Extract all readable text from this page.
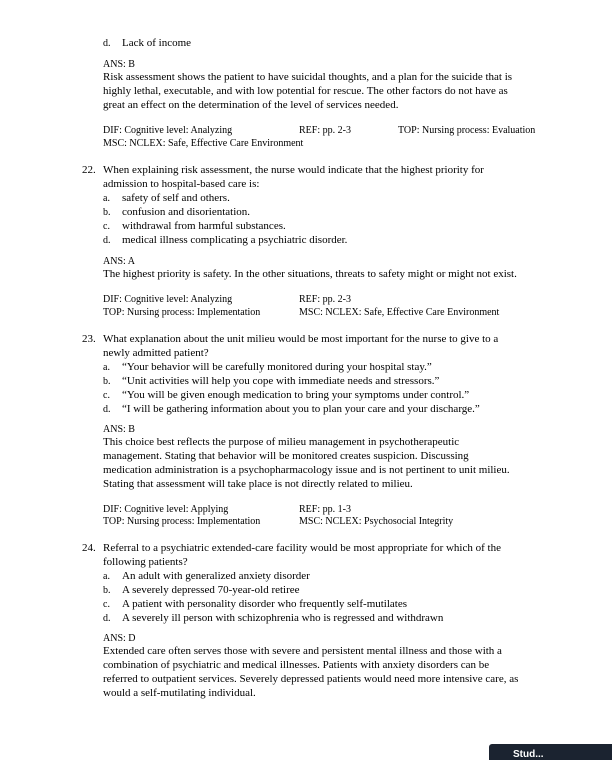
d. Lack of income
ANS: B
Risk assessment shows the patient to have suicidal thoughts, and a plan for the suicide that is
highly lethal, executable, and with low potential for rescue. The other factors do not have as
great an effect on the determination of the level of services needed.
DIF: Cognitive level: Analyzing	REF: pp. 2-3	TOP: Nursing process: Evaluation
MSC: NCLEX: Safe, Effective Care Environment
22. When explaining risk assessment, the nurse would indicate that the highest priority for
admission to hospital-based care is:
a. safety of self and others.
b. confusion and disorientation.
c. withdrawal from harmful substances.
d. medical illness complicating a psychiatric disorder.
ANS: A
The highest priority is safety. In the other situations, threats to safety might or might not exist.
DIF: Cognitive level: Analyzing	REF: pp. 2-3
TOP: Nursing process: Implementation	MSC: NCLEX: Safe, Effective Care Environment
23. What explanation about the unit milieu would be most important for the nurse to give to a
newly admitted patient?
a. “Your behavior will be carefully monitored during your hospital stay.”
b. “Unit activities will help you cope with immediate needs and stressors.”
c. “You will be given enough medication to bring your symptoms under control.”
d. “I will be gathering information about you to plan your care and your discharge.”
ANS: B
This choice best reflects the purpose of milieu management in psychotherapeutic
management. Stating that behavior will be monitored creates suspicion. Discussing
medication administration is a psychopharmacology issue and is not pertinent to unit milieu.
Stating that assessment will take place is not directly related to milieu.
DIF: Cognitive level: Applying	REF: pp. 1-3
TOP: Nursing process: Implementation	MSC: NCLEX: Psychosocial Integrity
24. Referral to a psychiatric extended-care facility would be most appropriate for which of the
following patients?
a. An adult with generalized anxiety disorder
b. A severely depressed 70-year-old retiree
c. A patient with personality disorder who frequently self-mutilates
d. A severely ill person with schizophrenia who is regressed and withdrawn
ANS: D
Extended care often serves those with severe and persistent mental illness and those with a
combination of psychiatric and medical illnesses. Patients with anxiety disorders can be
referred to outpatient services. Severely depressed patients would need more intensive care, as
would a self-mutilating individual.
Stud...
